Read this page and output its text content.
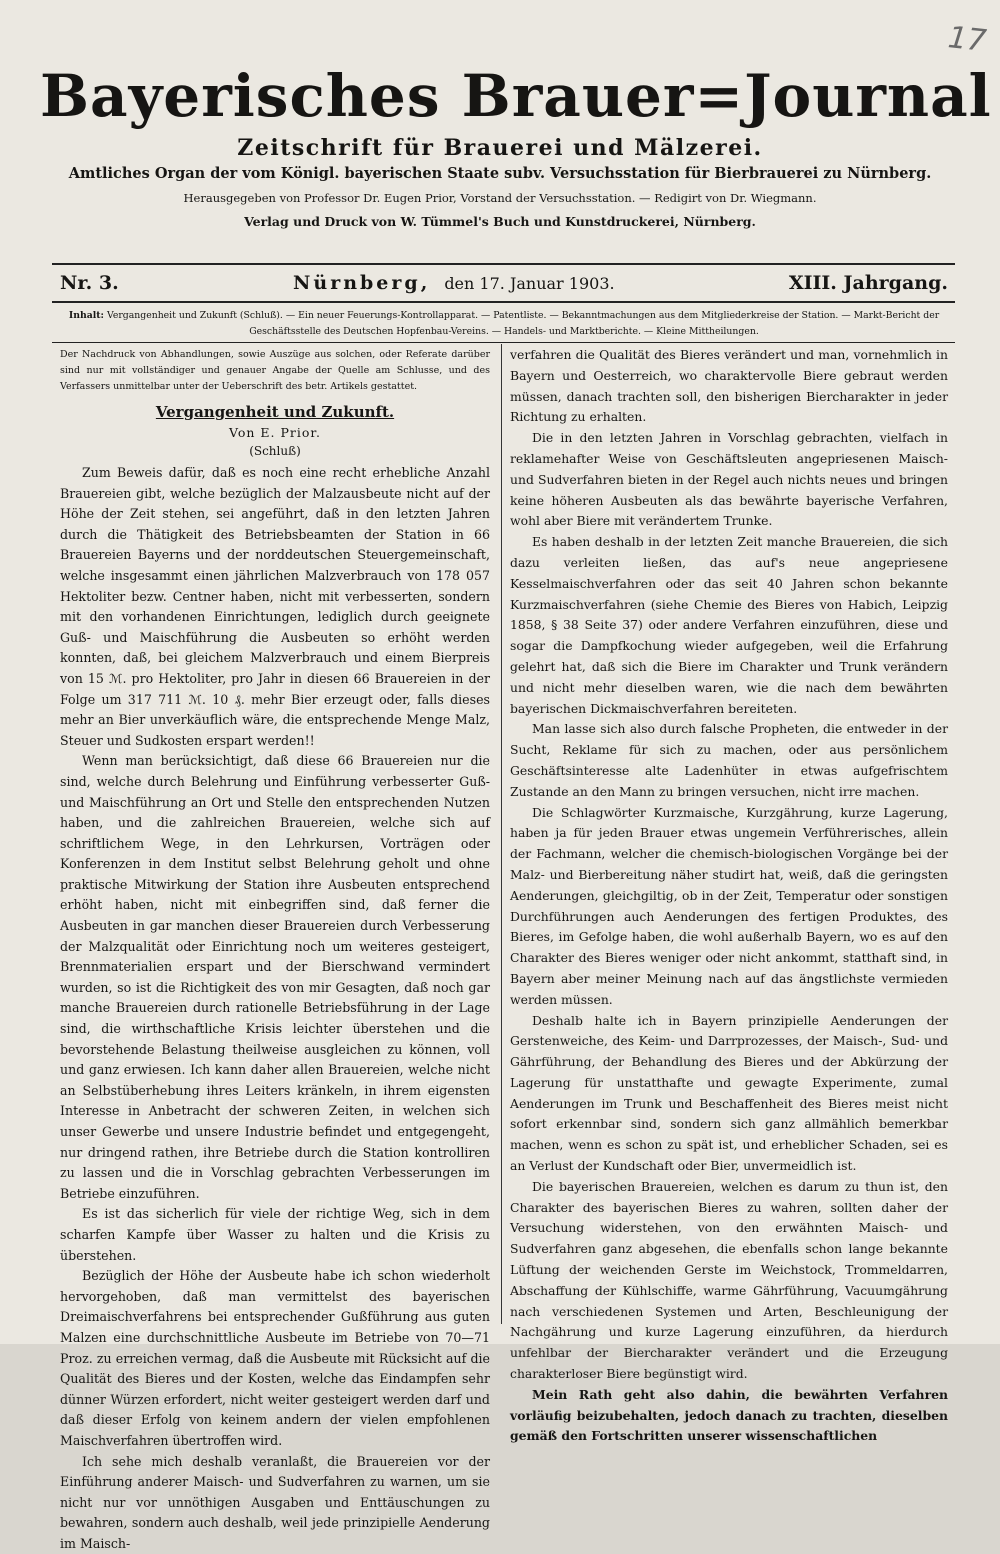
17
Bayerisches Brauer=Journal
Zeitschrift für Brauerei und Mälzerei.
Amtliches Organ der vom Königl. bayerischen Staate subv. Versuchsstation für Bierbrauerei zu Nürnberg.
Herausgegeben von Professor Dr. Eugen Prior, Vorstand der Versuchsstation. — Redigirt von Dr. Wiegmann.
Verlag und Druck von W. Tümmel's Buch und Kunstdruckerei, Nürnberg.
Nr. 3.	Nürnberg, den 17. Januar 1903.	XIII. Jahrgang.
Inhalt: Vergangenheit und Zukunft (Schluß). — Ein neuer Feuerungs-Kontrollapparat. — Patentliste. — Bekanntmachungen aus dem Mitgliederkreise der Station. — Markt-Bericht der Geschäftsstelle des Deutschen Hopfenbau-Vereins. — Handels- und Marktberichte. — Kleine Mittheilungen.
Der Nachdruck von Abhandlungen, sowie Auszüge aus solchen, oder Referate darüber sind nur mit vollständiger und genauer Angabe der Quelle am Schlusse, und des Verfassers unmittelbar unter der Ueberschrift des betr. Artikels gestattet.
Vergangenheit und Zukunft.
Von E. Prior.
(Schluß)

Zum Beweis dafür, daß es noch eine recht erhebliche Anzahl Brauereien gibt, welche bezüglich der Malzausbeute nicht auf der Höhe der Zeit stehen, sei angeführt, daß in den letzten Jahren durch die Thätigkeit des Betriebsbeamten der Station in 66 Brauereien Bayerns und der norddeutschen Steuergemeinschaft, welche insgesammt einen jährlichen Malzverbrauch von 178 057 Hektoliter bezw. Centner haben, nicht mit verbesserten, sondern mit den vorhandenen Einrichtungen, lediglich durch geeignete Guß- und Maischführung die Ausbeuten so erhöht werden konnten, daß, bei gleichem Malzverbrauch und einem Bierpreis von 15 ℳ. pro Hektoliter, pro Jahr in diesen 66 Brauereien in der Folge um 317 711 ℳ. 10 ₰. mehr Bier erzeugt oder, falls dieses mehr an Bier unverkäuflich wäre, die entsprechende Menge Malz, Steuer und Sudkosten erspart werden!!

Wenn man berücksichtigt, daß diese 66 Brauereien nur die sind, welche durch Belehrung und Einführung verbesserter Guß- und Maischführung an Ort und Stelle den entsprechenden Nutzen haben, und die zahlreichen Brauereien, welche sich auf schriftlichem Wege, in den Lehrkursen, Vorträgen oder Konferenzen in dem Institut selbst Belehrung geholt und ohne praktische Mitwirkung der Station ihre Ausbeuten entsprechend erhöht haben, nicht mit einbegriffen sind, daß ferner die Ausbeuten in gar manchen dieser Brauereien durch Verbesserung der Malzqualität oder Einrichtung noch um weiteres gesteigert, Brennmaterialien erspart und der Bierschwand vermindert wurden, so ist die Richtigkeit des von mir Gesagten, daß noch gar manche Brauereien durch rationelle Betriebsführung in der Lage sind, die wirthschaftliche Krisis leichter überstehen und die bevorstehende Belastung theilweise ausgleichen zu können, voll und ganz erwiesen. Ich kann daher allen Brauereien, welche nicht an Selbstüberhebung ihres Leiters kränkeln, in ihrem eigensten Interesse in Anbetracht der schweren Zeiten, in welchen sich unser Gewerbe und unsere Industrie befindet und entgegengeht, nur dringend rathen, ihre Betriebe durch die Station kontrolliren zu lassen und die in Vorschlag gebrachten Verbesserungen im Betriebe einzuführen.

Es ist das sicherlich für viele der richtige Weg, sich in dem scharfen Kampfe über Wasser zu halten und die Krisis zu überstehen.

Bezüglich der Höhe der Ausbeute habe ich schon wiederholt hervorgehoben, daß man vermittelst des bayerischen Dreimaischverfahrens bei entsprechender Gußführung aus guten Malzen eine durchschnittliche Ausbeute im Betriebe von 70—71 Proz. zu erreichen vermag, daß die Ausbeute mit Rücksicht auf die Qualität des Bieres und der Kosten, welche das Eindampfen sehr dünner Würzen erfordert, nicht weiter gesteigert werden darf und daß dieser Erfolg von keinem andern der vielen empfohlenen Maischverfahren übertroffen wird.

Ich sehe mich deshalb veranlaßt, die Brauereien vor der Einführung anderer Maisch- und Sudverfahren zu warnen, um sie nicht nur vor unnöthigen Ausgaben und Enttäuschungen zu bewahren, sondern auch deshalb, weil jede prinzipielle Aenderung im Maisch-

verfahren die Qualität des Bieres verändert und man, vornehmlich in Bayern und Oesterreich, wo charaktervolle Biere gebraut werden müssen, danach trachten soll, den bisherigen Biercharakter in jeder Richtung zu erhalten.

Die in den letzten Jahren in Vorschlag gebrachten, vielfach in reklamehafter Weise von Geschäftsleuten angepriesenen Maisch- und Sudverfahren bieten in der Regel auch nichts neues und bringen keine höheren Ausbeuten als das bewährte bayerische Verfahren, wohl aber Biere mit verändertem Trunke.

Es haben deshalb in der letzten Zeit manche Brauereien, die sich dazu verleiten ließen, das auf's neue angepriesene Kesselmaischverfahren oder das seit 40 Jahren schon bekannte Kurzmaischverfahren (siehe Chemie des Bieres von Habich, Leipzig 1858, § 38 Seite 37) oder andere Verfahren einzuführen, diese und sogar die Dampfkochung wieder aufgegeben, weil die Erfahrung gelehrt hat, daß sich die Biere im Charakter und Trunk verändern und nicht mehr dieselben waren, wie die nach dem bewährten bayerischen Dickmaischverfahren bereiteten.

Man lasse sich also durch falsche Propheten, die entweder in der Sucht, Reklame für sich zu machen, oder aus persönlichem Geschäftsinteresse alte Ladenhüter in etwas aufgefrischtem Zustande an den Mann zu bringen versuchen, nicht irre machen.

Die Schlagwörter Kurzmaische, Kurzgährung, kurze Lagerung, haben ja für jeden Brauer etwas ungemein Verführerisches, allein der Fachmann, welcher die chemisch-biologischen Vorgänge bei der Malz- und Bierbereitung näher studirt hat, weiß, daß die geringsten Aenderungen, gleichgiltig, ob in der Zeit, Temperatur oder sonstigen Durchführungen auch Aenderungen des fertigen Produktes, des Bieres, im Gefolge haben, die wohl außerhalb Bayern, wo es auf den Charakter des Bieres weniger oder nicht ankommt, statthaft sind, in Bayern aber meiner Meinung nach auf das ängstlichste vermieden werden müssen.

Deshalb halte ich in Bayern prinzipielle Aenderungen der Gerstenweiche, des Keim- und Darrprozesses, der Maisch-, Sud- und Gährführung, der Behandlung des Bieres und der Abkürzung der Lagerung für unstatthafte und gewagte Experimente, zumal Aenderungen im Trunk und Beschaffenheit des Bieres meist nicht sofort erkennbar sind, sondern sich ganz allmählich bemerkbar machen, wenn es schon zu spät ist, und erheblicher Schaden, sei es an Verlust der Kundschaft oder Bier, unvermeidlich ist.

Die bayerischen Brauereien, welchen es darum zu thun ist, den Charakter des bayerischen Bieres zu wahren, sollten daher der Versuchung widerstehen, von den erwähnten Maisch- und Sudverfahren ganz abgesehen, die ebenfalls schon lange bekannte Lüftung der weichenden Gerste im Weichstock, Trommeldarren, Abschaffung der Kühlschiffe, warme Gährführung, Vacuumgährung nach verschiedenen Systemen und Arten, Beschleunigung der Nachgährung und kurze Lagerung einzuführen, da hierdurch unfehlbar der Biercharakter verändert und die Erzeugung charakterloser Biere begünstigt wird.

Mein Rath geht also dahin, die bewährten Verfahren vorläufig beizubehalten, jedoch danach zu trachten, dieselben gemäß den Fortschritten unserer wissenschaftlichen
